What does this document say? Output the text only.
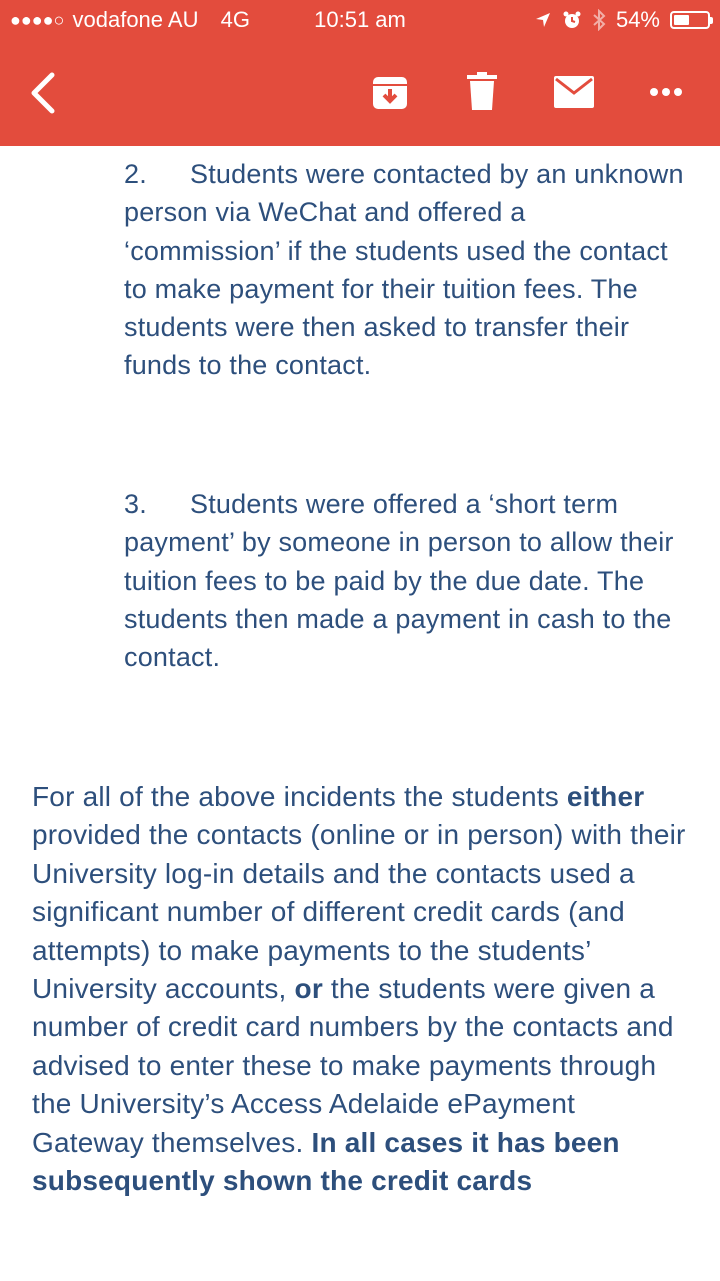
●●●●○ vodafone AU 4G	10:51 am	54%

2. Students were contacted by an unknown person via WeChat and offered a ‘commission’ if the students used the contact to make payment for their tuition fees. The students were then asked to transfer their funds to the contact.

3. Students were offered a ‘short term payment’ by someone in person to allow their tuition fees to be paid by the due date. The students then made a payment in cash to the contact.

For all of the above incidents the students either provided the contacts (online or in person) with their University log-in details and the contacts used a significant number of different credit cards (and attempts) to make payments to the students’ University accounts, or the students were given a number of credit card numbers by the contacts and advised to enter these to make payments through the University’s Access Adelaide ePayment Gateway themselves. In all cases it has been subsequently shown the credit cards
